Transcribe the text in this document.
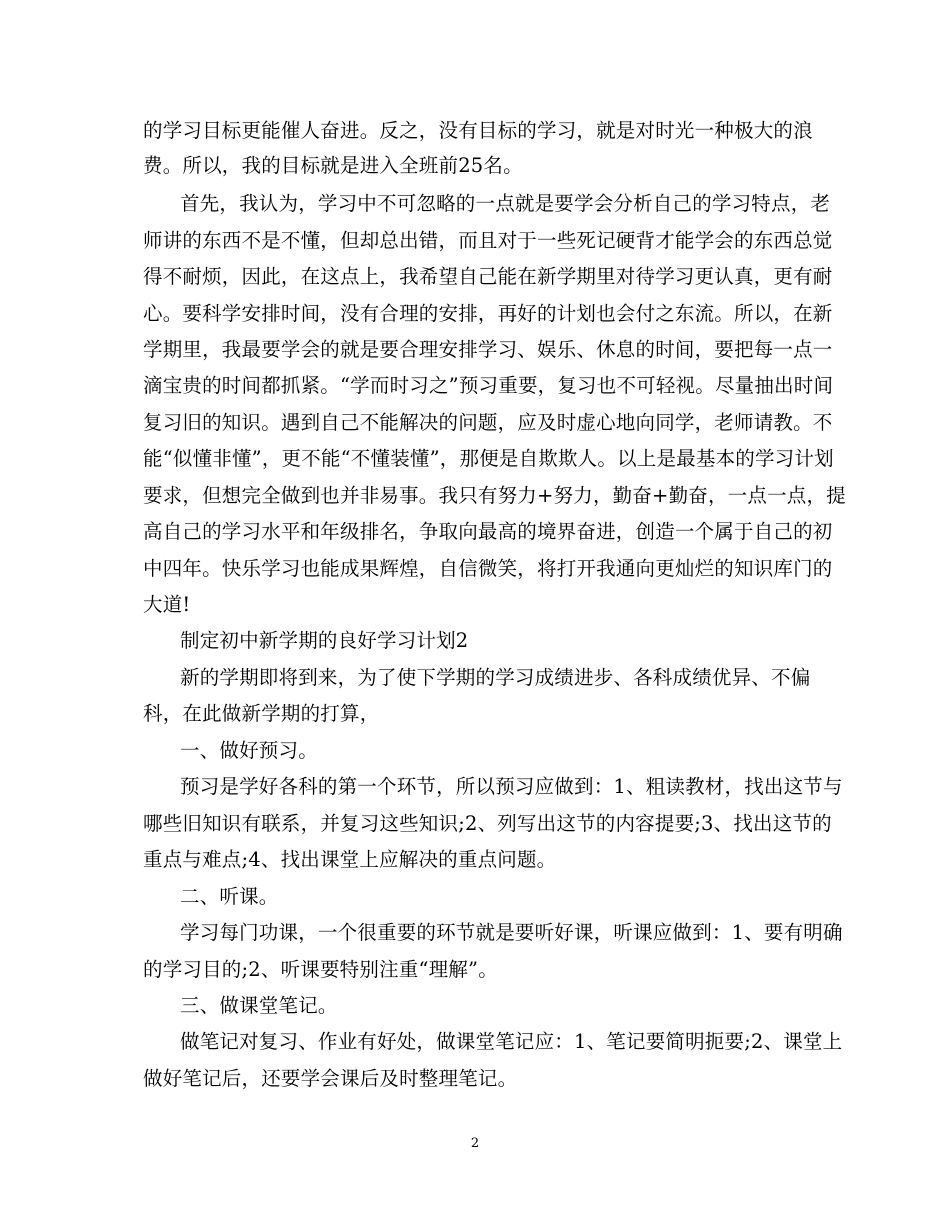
的学习目标更能催人奋进。反之，没有目标的学习，就是对时光一种极大的浪
费。所以，我的目标就是进入全班前25名。
首先，我认为，学习中不可忽略的一点就是要学会分析自己的学习特点，老
师讲的东西不是不懂，但却总出错，而且对于一些死记硬背才能学会的东西总觉
得不耐烦，因此，在这点上，我希望自己能在新学期里对待学习更认真，更有耐
心。要科学安排时间，没有合理的安排，再好的计划也会付之东流。所以，在新
学期里，我最要学会的就是要合理安排学习、娱乐、休息的时间，要把每一点一
滴宝贵的时间都抓紧。“学而时习之”预习重要，复习也不可轻视。尽量抽出时间
复习旧的知识。遇到自己不能解决的问题，应及时虚心地向同学，老师请教。不
能“似懂非懂”，更不能“不懂装懂”，那便是自欺欺人。以上是最基本的学习计划
要求，但想完全做到也并非易事。我只有努力+努力，勤奋+勤奋，一点一点，提
高自己的学习水平和年级排名，争取向最高的境界奋进，创造一个属于自己的初
中四年。快乐学习也能成果辉煌，自信微笑，将打开我通向更灿烂的知识库门的
大道!
制定初中新学期的良好学习计划2
新的学期即将到来，为了使下学期的学习成绩进步、各科成绩优异、不偏
科，在此做新学期的打算，
一、做好预习。
预习是学好各科的第一个环节，所以预习应做到：1、粗读教材，找出这节与
哪些旧知识有联系，并复习这些知识;2、列写出这节的内容提要;3、找出这节的
重点与难点;4、找出课堂上应解决的重点问题。
二、听课。
学习每门功课，一个很重要的环节就是要听好课，听课应做到：1、要有明确
的学习目的;2、听课要特别注重“理解”。
三、做课堂笔记。
做笔记对复习、作业有好处，做课堂笔记应：1、笔记要简明扼要;2、课堂上
做好笔记后，还要学会课后及时整理笔记。
2
